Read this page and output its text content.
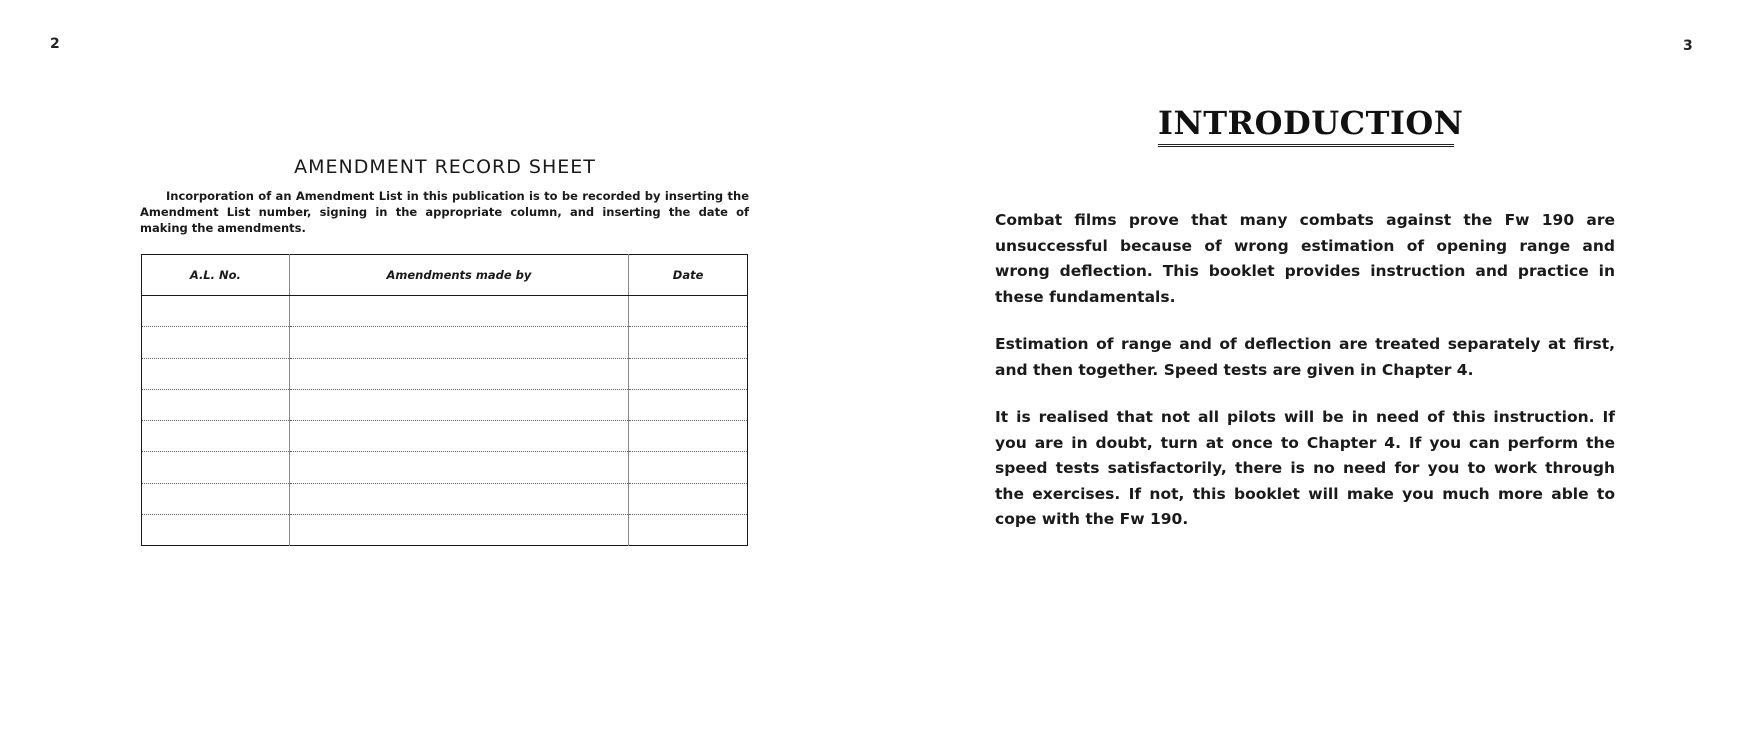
2	3
AMENDMENT RECORD SHEET
Incorporation of an Amendment List in this publication is to be recorded by inserting the Amendment List number, signing in the appropriate column, and inserting the date of making the amendments.
A.L. No.	Amendments made by	Date

INTRODUCTION

Combat films prove that many combats against the Fw 190 are unsuccessful because of wrong estimation of opening range and wrong deflection. This booklet provides instruction and practice in these fundamentals.

Estimation of range and of deflection are treated separately at first, and then together. Speed tests are given in Chapter 4.

It is realised that not all pilots will be in need of this instruction. If you are in doubt, turn at once to Chapter 4. If you can perform the speed tests satisfactorily, there is no need for you to work through the exercises. If not, this booklet will make you much more able to cope with the Fw 190.
